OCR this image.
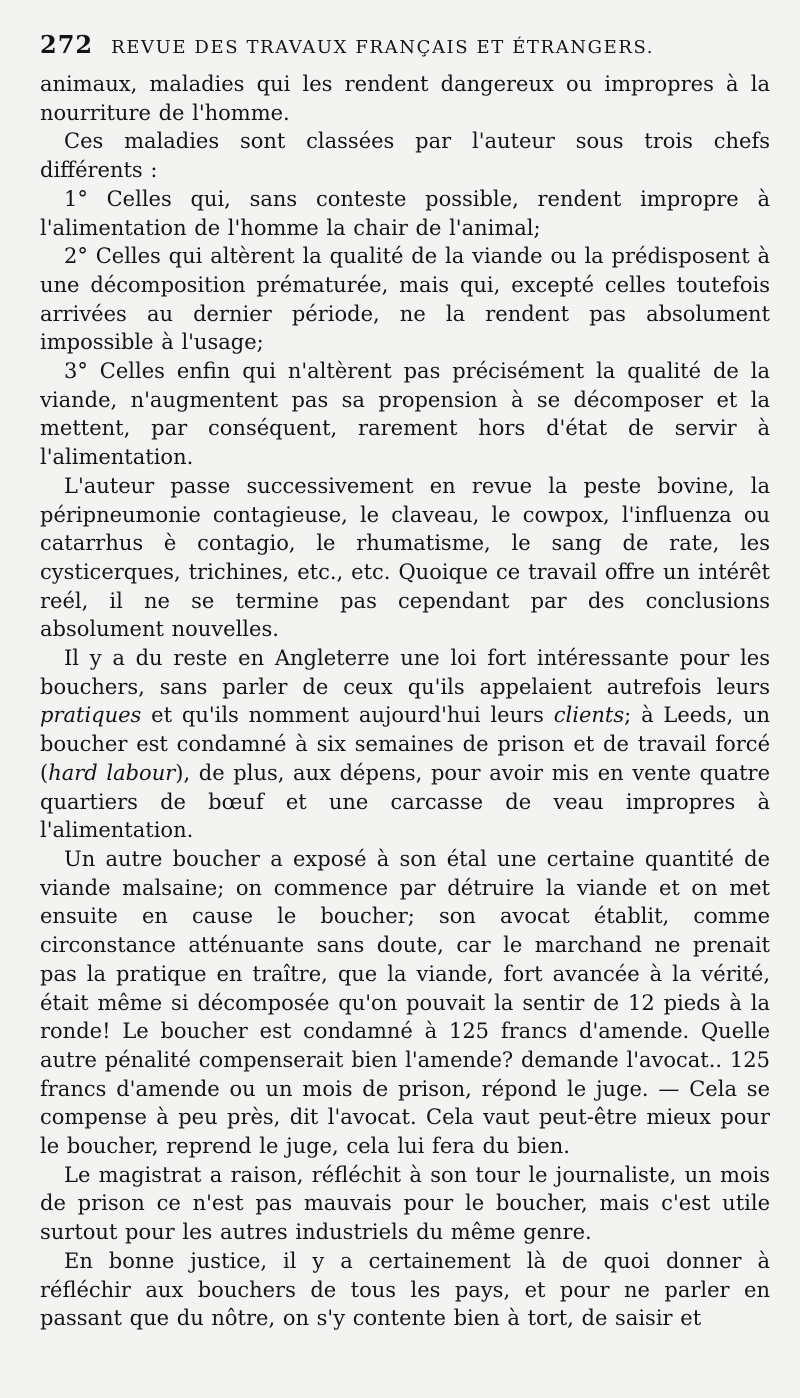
272 REVUE DES TRAVAUX FRANÇAIS ET ÉTRANGERS.

animaux, maladies qui les rendent dangereux ou impropres à la nourriture de l'homme.

Ces maladies sont classées par l'auteur sous trois chefs différents :

1° Celles qui, sans conteste possible, rendent impropre à l'alimentation de l'homme la chair de l'animal;

2° Celles qui altèrent la qualité de la viande ou la prédisposent à une décomposition prématurée, mais qui, excepté celles toutefois arrivées au dernier période, ne la rendent pas absolument impossible à l'usage;

3° Celles enfin qui n'altèrent pas précisément la qualité de la viande, n'augmentent pas sa propension à se décomposer et la mettent, par conséquent, rarement hors d'état de servir à l'alimentation.

L'auteur passe successivement en revue la peste bovine, la péripneumonie contagieuse, le claveau, le cowpox, l'influenza ou catarrhus è contagio, le rhumatisme, le sang de rate, les cysticerques, trichines, etc., etc. Quoique ce travail offre un intérêt reél, il ne se termine pas cependant par des conclusions absolument nouvelles.

Il y a du reste en Angleterre une loi fort intéressante pour les bouchers, sans parler de ceux qu'ils appelaient autrefois leurs pratiques et qu'ils nomment aujourd'hui leurs clients; à Leeds, un boucher est condamné à six semaines de prison et de travail forcé (hard labour), de plus, aux dépens, pour avoir mis en vente quatre quartiers de bœuf et une carcasse de veau impropres à l'alimentation.

Un autre boucher a exposé à son étal une certaine quantité de viande malsaine; on commence par détruire la viande et on met ensuite en cause le boucher; son avocat établit, comme circonstance atténuante sans doute, car le marchand ne prenait pas la pratique en traître, que la viande, fort avancée à la vérité, était même si décomposée qu'on pouvait la sentir de 12 pieds à la ronde! Le boucher est condamné à 125 francs d'amende. Quelle autre pénalité compenserait bien l'amende? demande l'avocat.. 125 francs d'amende ou un mois de prison, répond le juge. — Cela se compense à peu près, dit l'avocat. Cela vaut peut-être mieux pour le boucher, reprend le juge, cela lui fera du bien.

Le magistrat a raison, réfléchit à son tour le journaliste, un mois de prison ce n'est pas mauvais pour le boucher, mais c'est utile surtout pour les autres industriels du même genre.

En bonne justice, il y a certainement là de quoi donner à réfléchir aux bouchers de tous les pays, et pour ne parler en passant que du nôtre, on s'y contente bien à tort, de saisir et
